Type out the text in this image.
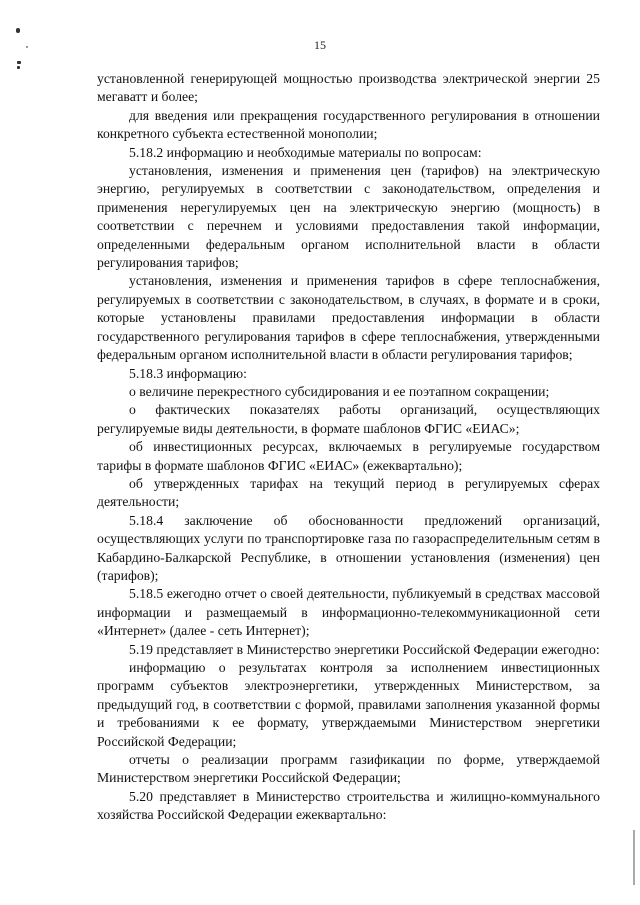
15

установленной генерирующей мощностью производства электрической энергии 25 мегаватт и более;

для введения или прекращения государственного регулирования в отношении конкретного субъекта естественной монополии;

5.18.2 информацию и необходимые материалы по вопросам:

установления, изменения и применения цен (тарифов) на электрическую энергию, регулируемых в соответствии с законодательством, определения и применения нерегулируемых цен на электрическую энергию (мощность) в соответствии с перечнем и условиями предоставления такой информации, определенными федеральным органом исполнительной власти в области регулирования тарифов;

установления, изменения и применения тарифов в сфере теплоснабжения, регулируемых в соответствии с законодательством, в случаях, в формате и в сроки, которые установлены правилами предоставления информации в области государственного регулирования тарифов в сфере теплоснабжения, утвержденными федеральным органом исполнительной власти в области регулирования тарифов;

5.18.3 информацию:

о величине перекрестного субсидирования и ее поэтапном сокращении;

о фактических показателях работы организаций, осуществляющих регулируемые виды деятельности, в формате шаблонов ФГИС «ЕИАС»;

об инвестиционных ресурсах, включаемых в регулируемые государством тарифы в формате шаблонов ФГИС «ЕИАС» (ежеквартально);

об утвержденных тарифах на текущий период в регулируемых сферах деятельности;

5.18.4 заключение об обоснованности предложений организаций, осуществляющих услуги по транспортировке газа по газораспределительным сетям в Кабардино-Балкарской Республике, в отношении установления (изменения) цен (тарифов);

5.18.5 ежегодно отчет о своей деятельности, публикуемый в средствах массовой информации и размещаемый в информационно-телекоммуникационной сети «Интернет» (далее - сеть Интернет);

5.19 представляет в Министерство энергетики Российской Федерации ежегодно:

информацию о результатах контроля за исполнением инвестиционных программ субъектов электроэнергетики, утвержденных Министерством, за предыдущий год, в соответствии с формой, правилами заполнения указанной формы и требованиями к ее формату, утверждаемыми Министерством энергетики Российской Федерации;

отчеты о реализации программ газификации по форме, утверждаемой Министерством энергетики Российской Федерации;

5.20 представляет в Министерство строительства и жилищно-коммунального хозяйства Российской Федерации ежеквартально:
